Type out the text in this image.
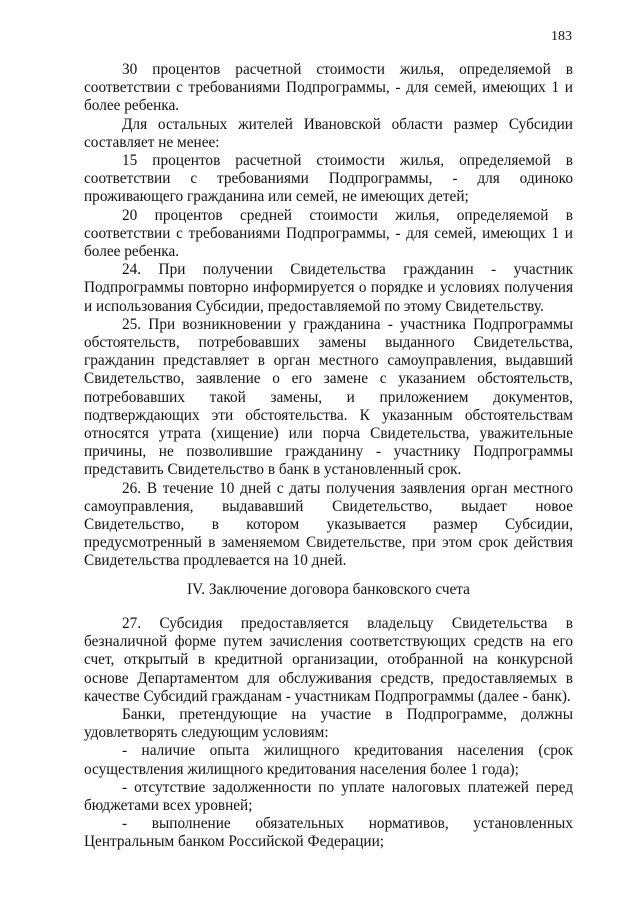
183

30 процентов расчетной стоимости жилья, определяемой в соответствии с требованиями Подпрограммы, - для семей, имеющих 1 и более ребенка.

Для остальных жителей Ивановской области размер Субсидии составляет не менее:

15 процентов расчетной стоимости жилья, определяемой в соответствии с требованиями Подпрограммы, - для одиноко проживающего гражданина или семей, не имеющих детей;

20 процентов средней стоимости жилья, определяемой в соответствии с требованиями Подпрограммы, - для семей, имеющих 1 и более ребенка.

24. При получении Свидетельства гражданин - участник Подпрограммы повторно информируется о порядке и условиях получения и использования Субсидии, предоставляемой по этому Свидетельству.

25. При возникновении у гражданина - участника Подпрограммы обстоятельств, потребовавших замены выданного Свидетельства, гражданин представляет в орган местного самоуправления, выдавший Свидетельство, заявление о его замене с указанием обстоятельств, потребовавших такой замены, и приложением документов, подтверждающих эти обстоятельства. К указанным обстоятельствам относятся утрата (хищение) или порча Свидетельства, уважительные причины, не позволившие гражданину - участнику Подпрограммы представить Свидетельство в банк в установленный срок.

26. В течение 10 дней с даты получения заявления орган местного самоуправления, выдававший Свидетельство, выдает новое Свидетельство, в котором указывается размер Субсидии, предусмотренный в заменяемом Свидетельстве, при этом срок действия Свидетельства продлевается на 10 дней.

IV. Заключение договора банковского счета

27. Субсидия предоставляется владельцу Свидетельства в безналичной форме путем зачисления соответствующих средств на его счет, открытый в кредитной организации, отобранной на конкурсной основе Департаментом для обслуживания средств, предоставляемых в качестве Субсидий гражданам - участникам Подпрограммы (далее - банк).

Банки, претендующие на участие в Подпрограмме, должны удовлетворять следующим условиям:

- наличие опыта жилищного кредитования населения (срок осуществления жилищного кредитования населения более 1 года);

- отсутствие задолженности по уплате налоговых платежей перед бюджетами всех уровней;

- выполнение обязательных нормативов, установленных Центральным банком Российской Федерации;
